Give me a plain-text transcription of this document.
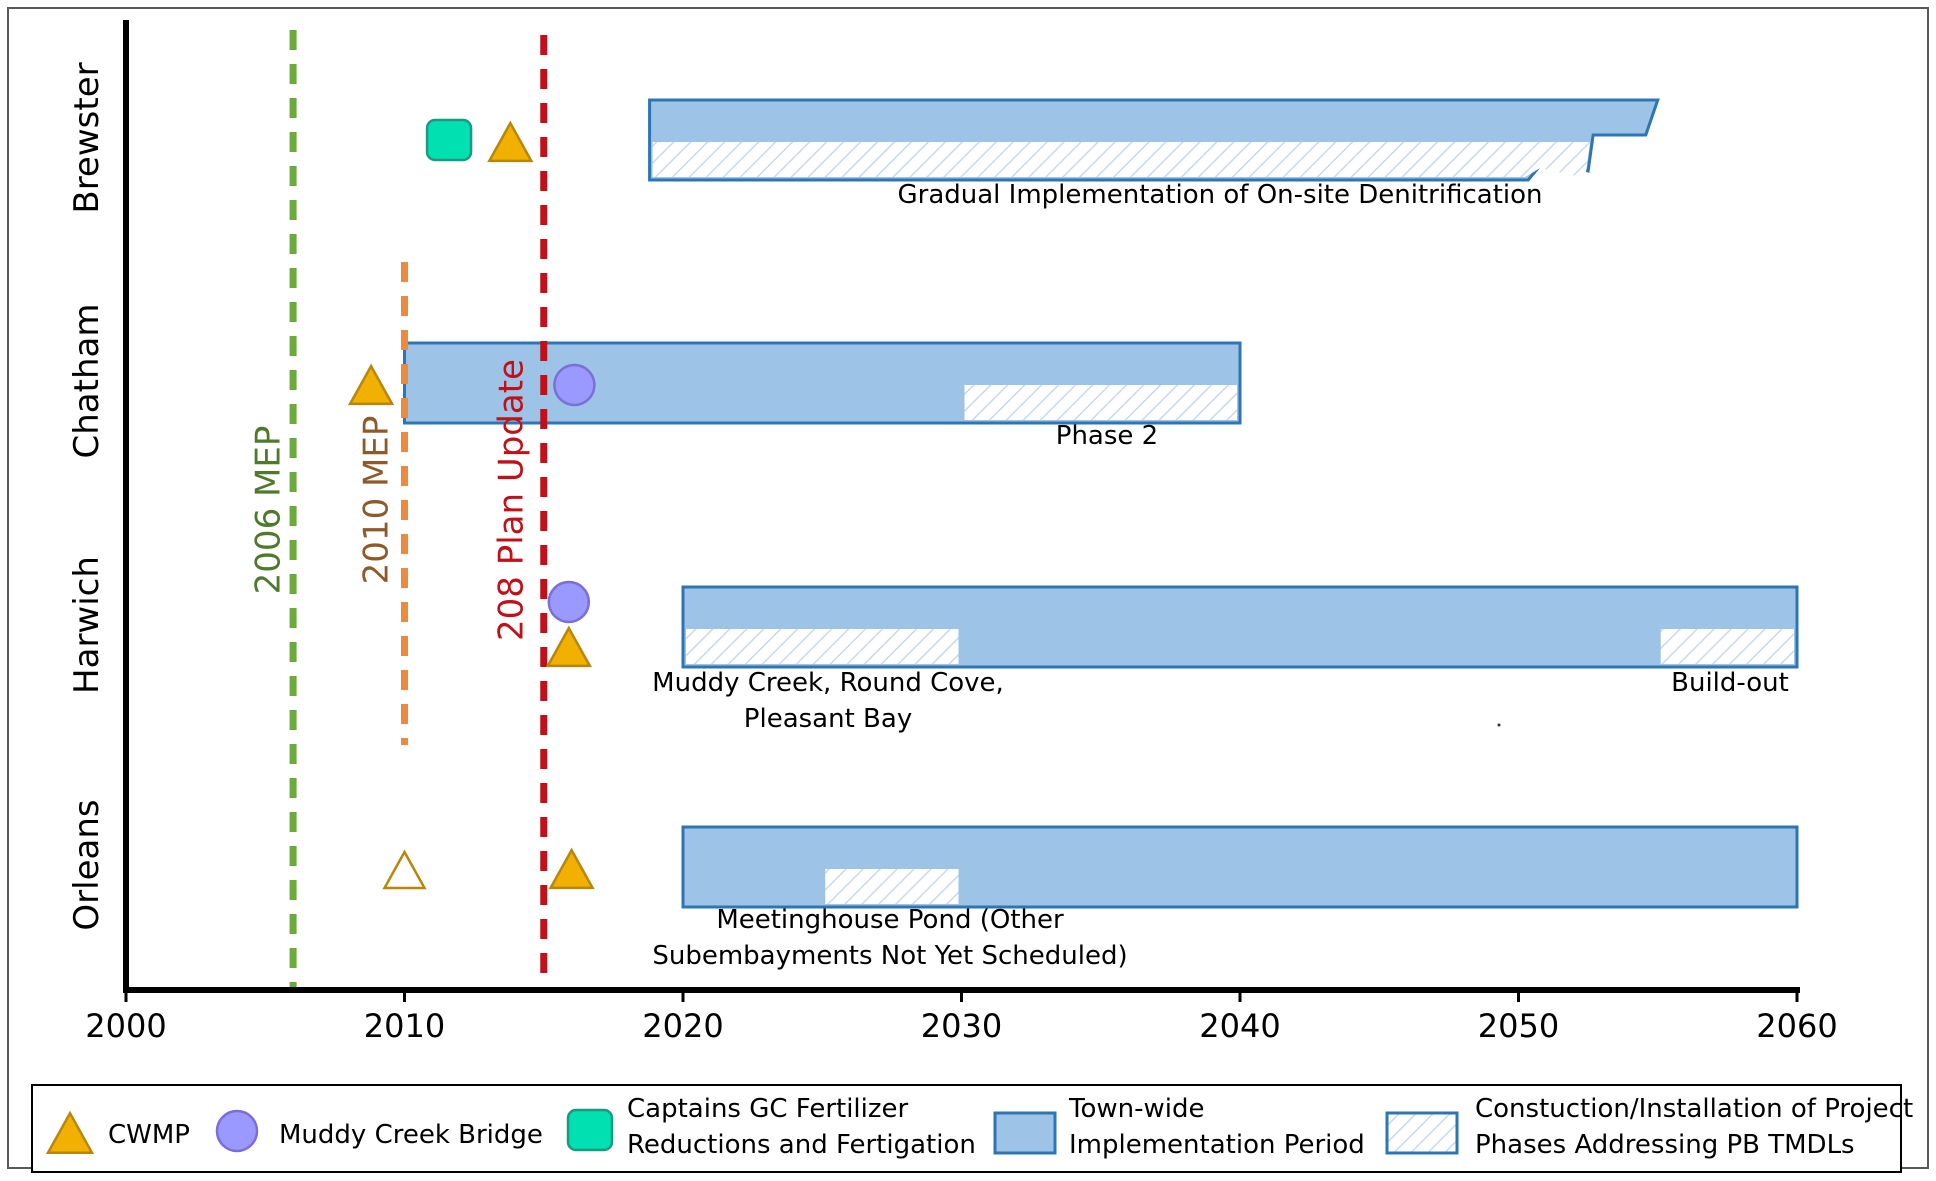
2006 MEP 2010 MEP	208 Plan Update
2000	2010	2020	2030	2040	2050	2060
Brewster
Chatham
Harwich
Orleans
Gradual Implementation of On-site Denitrification
Phase 2
Muddy Creek, Round Cove,
Pleasant Bay
Build-out
Meetinghouse Pond (Other
Subembayments Not Yet Scheduled)
CWMP	Muddy Creek Bridge
Captains GC Fertilizer
Reductions and Fertigation
Town-wide
Implementation Period
Constuction/Installation of Project
Phases Addressing PB TMDLs
